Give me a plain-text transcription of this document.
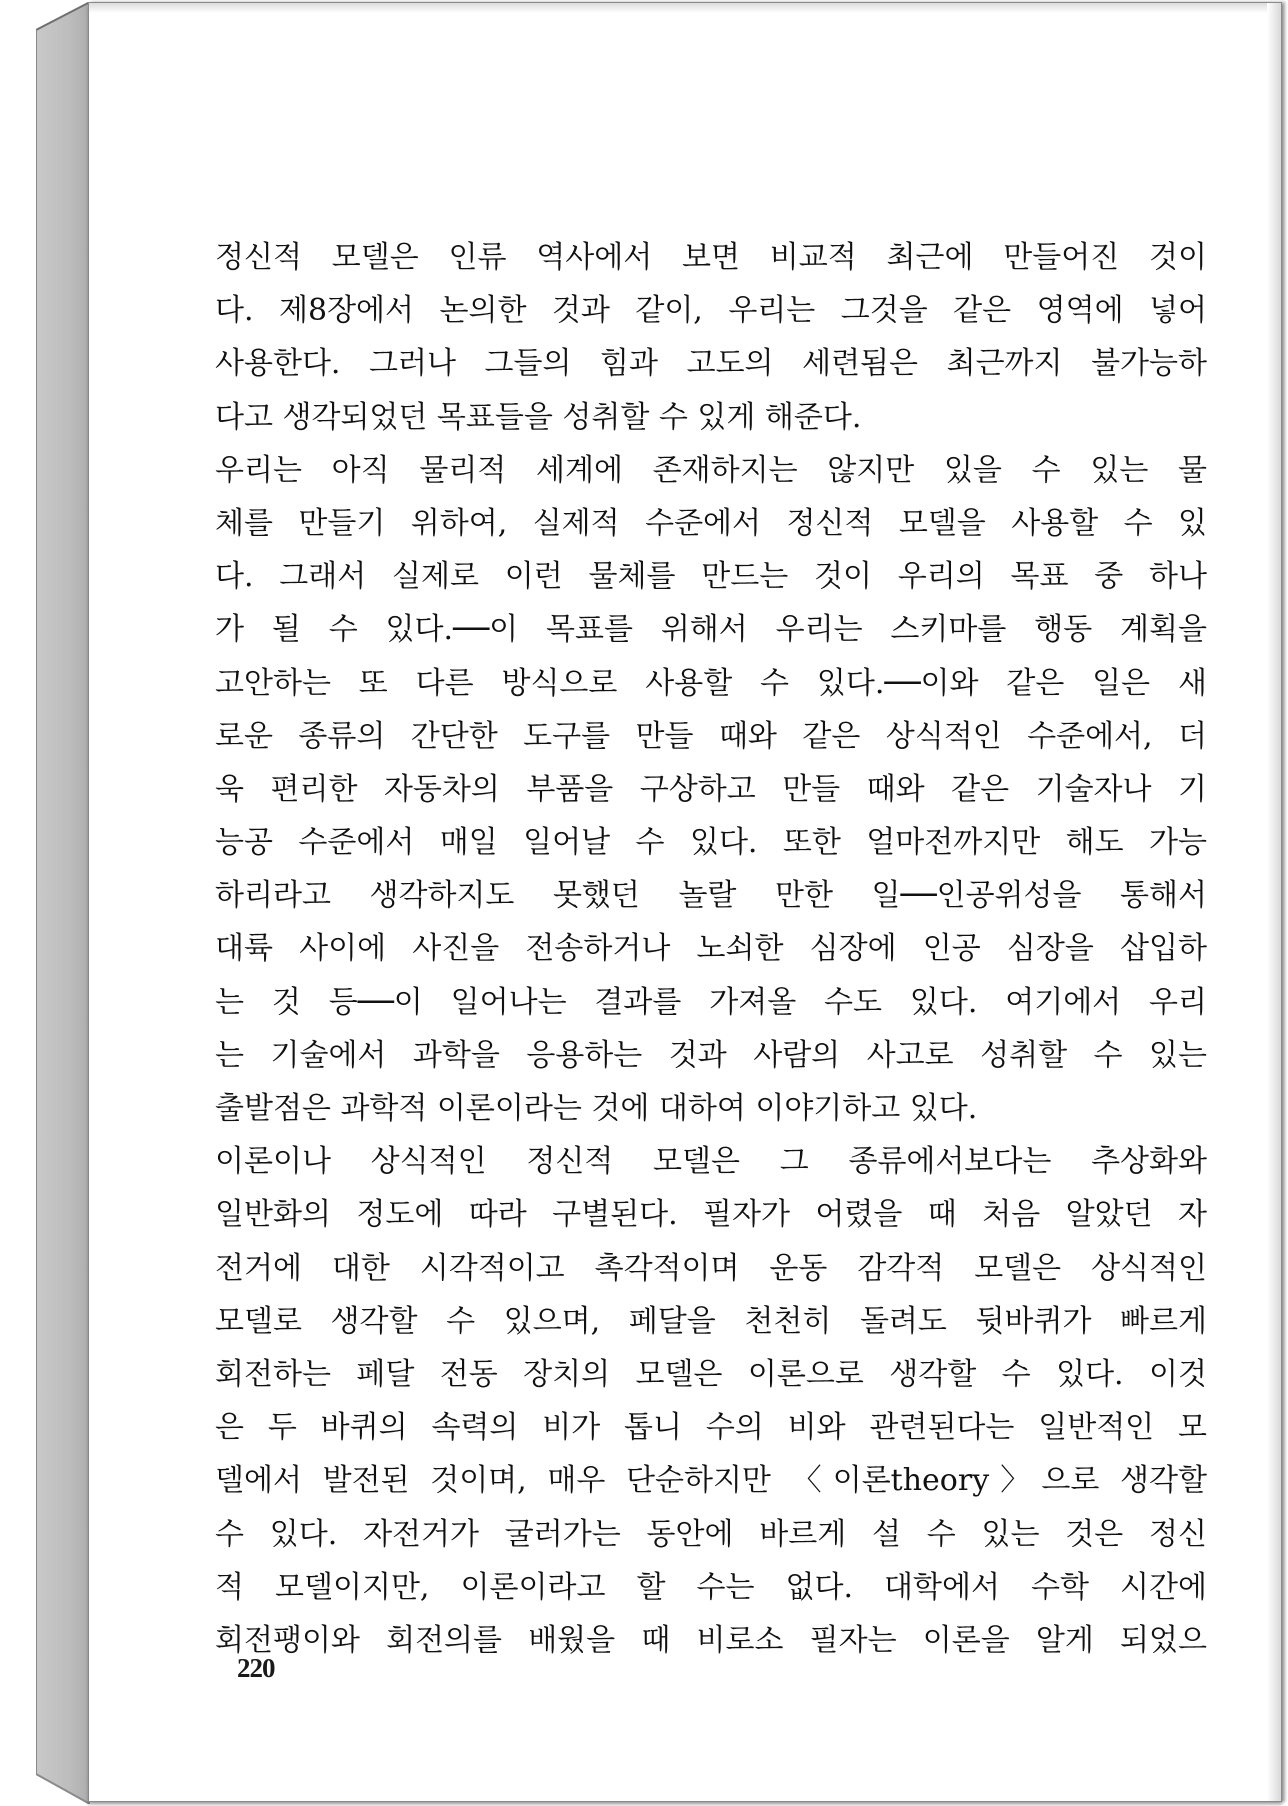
정신적 모델은 인류 역사에서 보면 비교적 최근에 만들어진 것이
다. 제8장에서 논의한 것과 같이, 우리는 그것을 같은 영역에 넣어
사용한다. 그러나 그들의 힘과 고도의 세련됨은 최근까지 불가능하
다고 생각되었던 목표들을 성취할 수 있게 해준다.
우리는 아직 물리적 세계에 존재하지는 않지만 있을 수 있는 물
체를 만들기 위하여, 실제적 수준에서 정신적 모델을 사용할 수 있
다. 그래서 실제로 이런 물체를 만드는 것이 우리의 목표 중 하나
가 될 수 있다.──이 목표를 위해서 우리는 스키마를 행동 계획을
고안하는 또 다른 방식으로 사용할 수 있다.──이와 같은 일은 새
로운 종류의 간단한 도구를 만들 때와 같은 상식적인 수준에서, 더
욱 편리한 자동차의 부품을 구상하고 만들 때와 같은 기술자나 기
능공 수준에서 매일 일어날 수 있다. 또한 얼마전까지만 해도 가능
하리라고 생각하지도 못했던 놀랄 만한 일──인공위성을 통해서
대륙 사이에 사진을 전송하거나 노쇠한 심장에 인공 심장을 삽입하
는 것 등──이 일어나는 결과를 가져올 수도 있다. 여기에서 우리
는 기술에서 과학을 응용하는 것과 사람의 사고로 성취할 수 있는
출발점은 과학적 이론이라는 것에 대하여 이야기하고 있다.
이론이나 상식적인 정신적 모델은 그 종류에서보다는 추상화와
일반화의 정도에 따라 구별된다. 필자가 어렸을 때 처음 알았던 자
전거에 대한 시각적이고 촉각적이며 운동 감각적 모델은 상식적인
모델로 생각할 수 있으며, 페달을 천천히 돌려도 뒷바퀴가 빠르게
회전하는 페달 전동 장치의 모델은 이론으로 생각할 수 있다. 이것
은 두 바퀴의 속력의 비가 톱니 수의 비와 관련된다는 일반적인 모
델에서 발전된 것이며, 매우 단순하지만 〈이론theory〉으로 생각할
수 있다. 자전거가 굴러가는 동안에 바르게 설 수 있는 것은 정신
적 모델이지만, 이론이라고 할 수는 없다. 대학에서 수학 시간에
회전팽이와 회전의를 배웠을 때 비로소 필자는 이론을 알게 되었으
220
